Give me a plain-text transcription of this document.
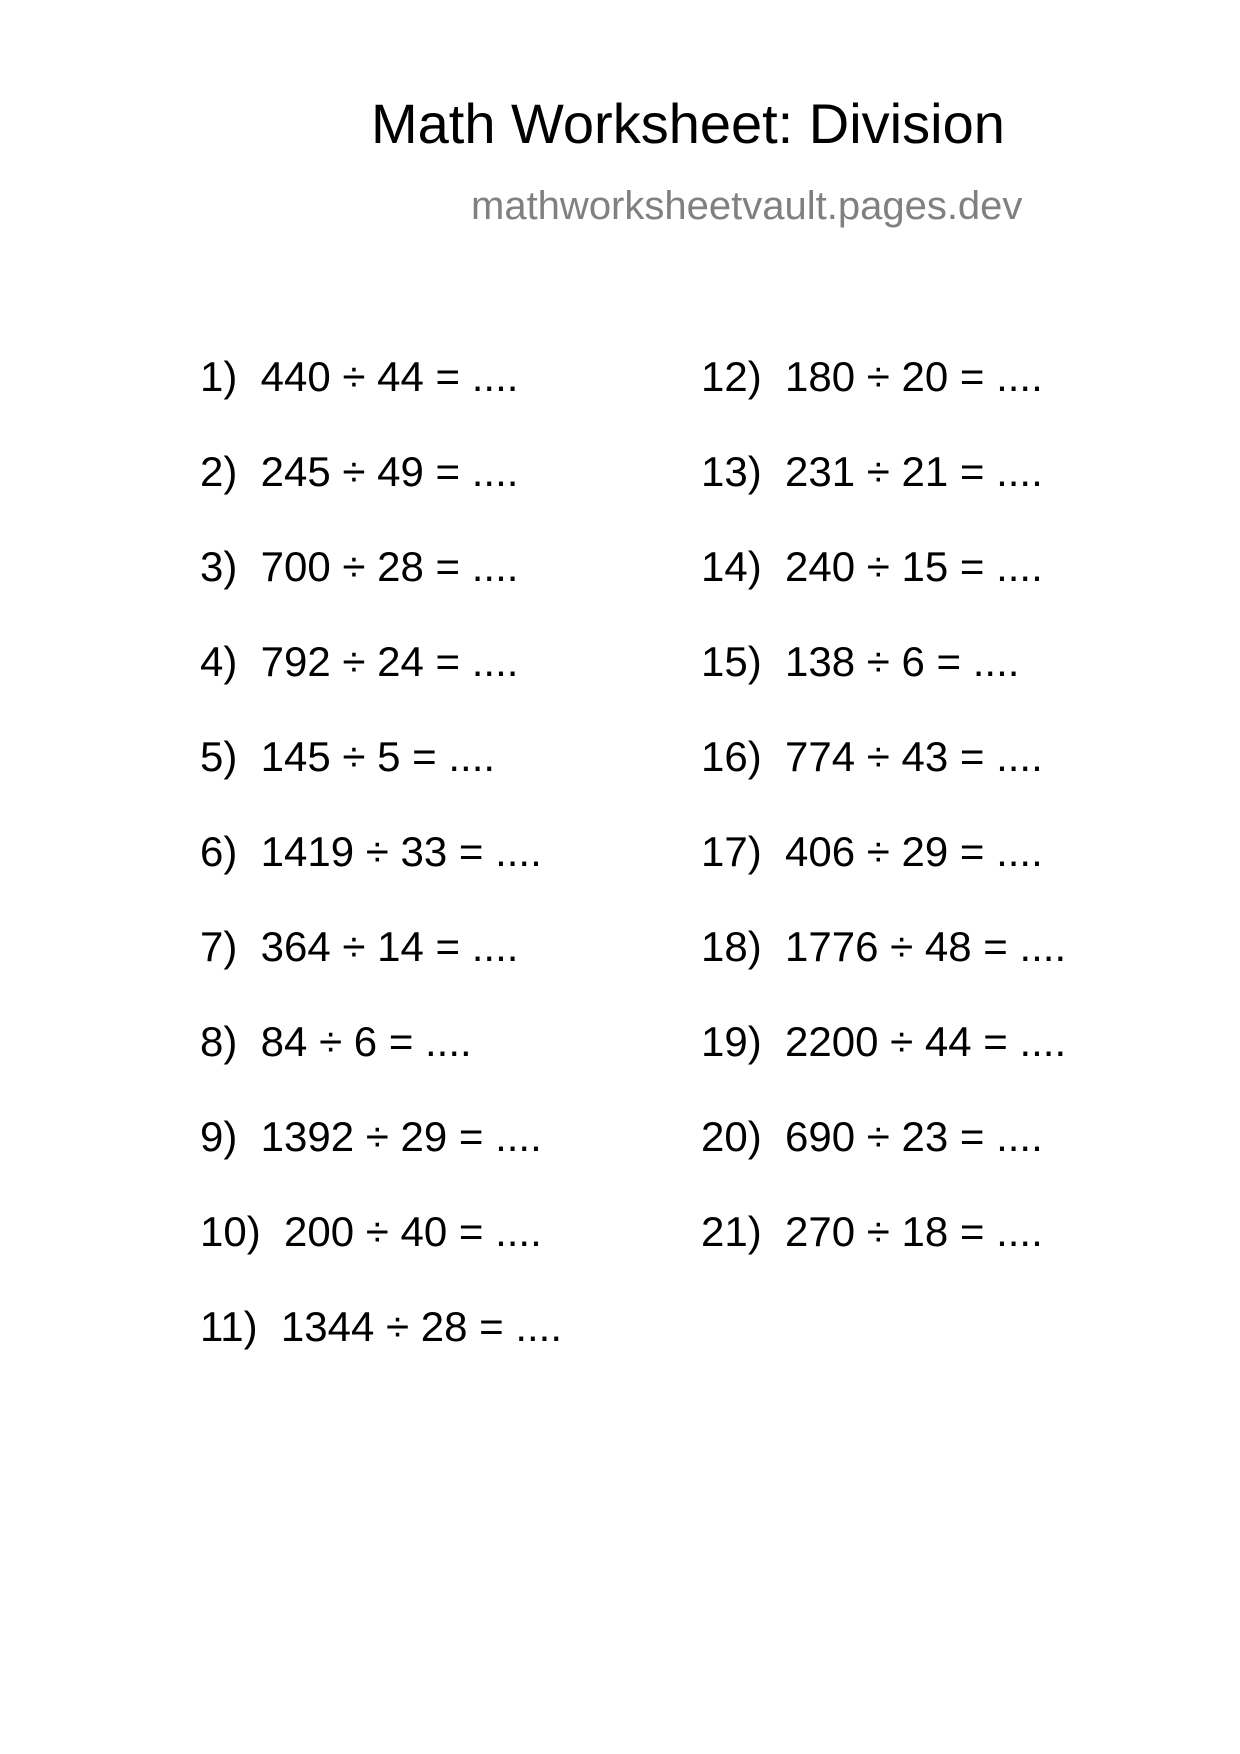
Math Worksheet: Division
mathworksheetvault.pages.dev
1)  440 ÷ 44 = ....
2)  245 ÷ 49 = ....
3)  700 ÷ 28 = ....
4)  792 ÷ 24 = ....
5)  145 ÷ 5 = ....
6)  1419 ÷ 33 = ....
7)  364 ÷ 14 = ....
8)  84 ÷ 6 = ....
9)  1392 ÷ 29 = ....
10)  200 ÷ 40 = ....
11)  1344 ÷ 28 = ....
12)  180 ÷ 20 = ....
13)  231 ÷ 21 = ....
14)  240 ÷ 15 = ....
15)  138 ÷ 6 = ....
16)  774 ÷ 43 = ....
17)  406 ÷ 29 = ....
18)  1776 ÷ 48 = ....
19)  2200 ÷ 44 = ....
20)  690 ÷ 23 = ....
21)  270 ÷ 18 = ....
